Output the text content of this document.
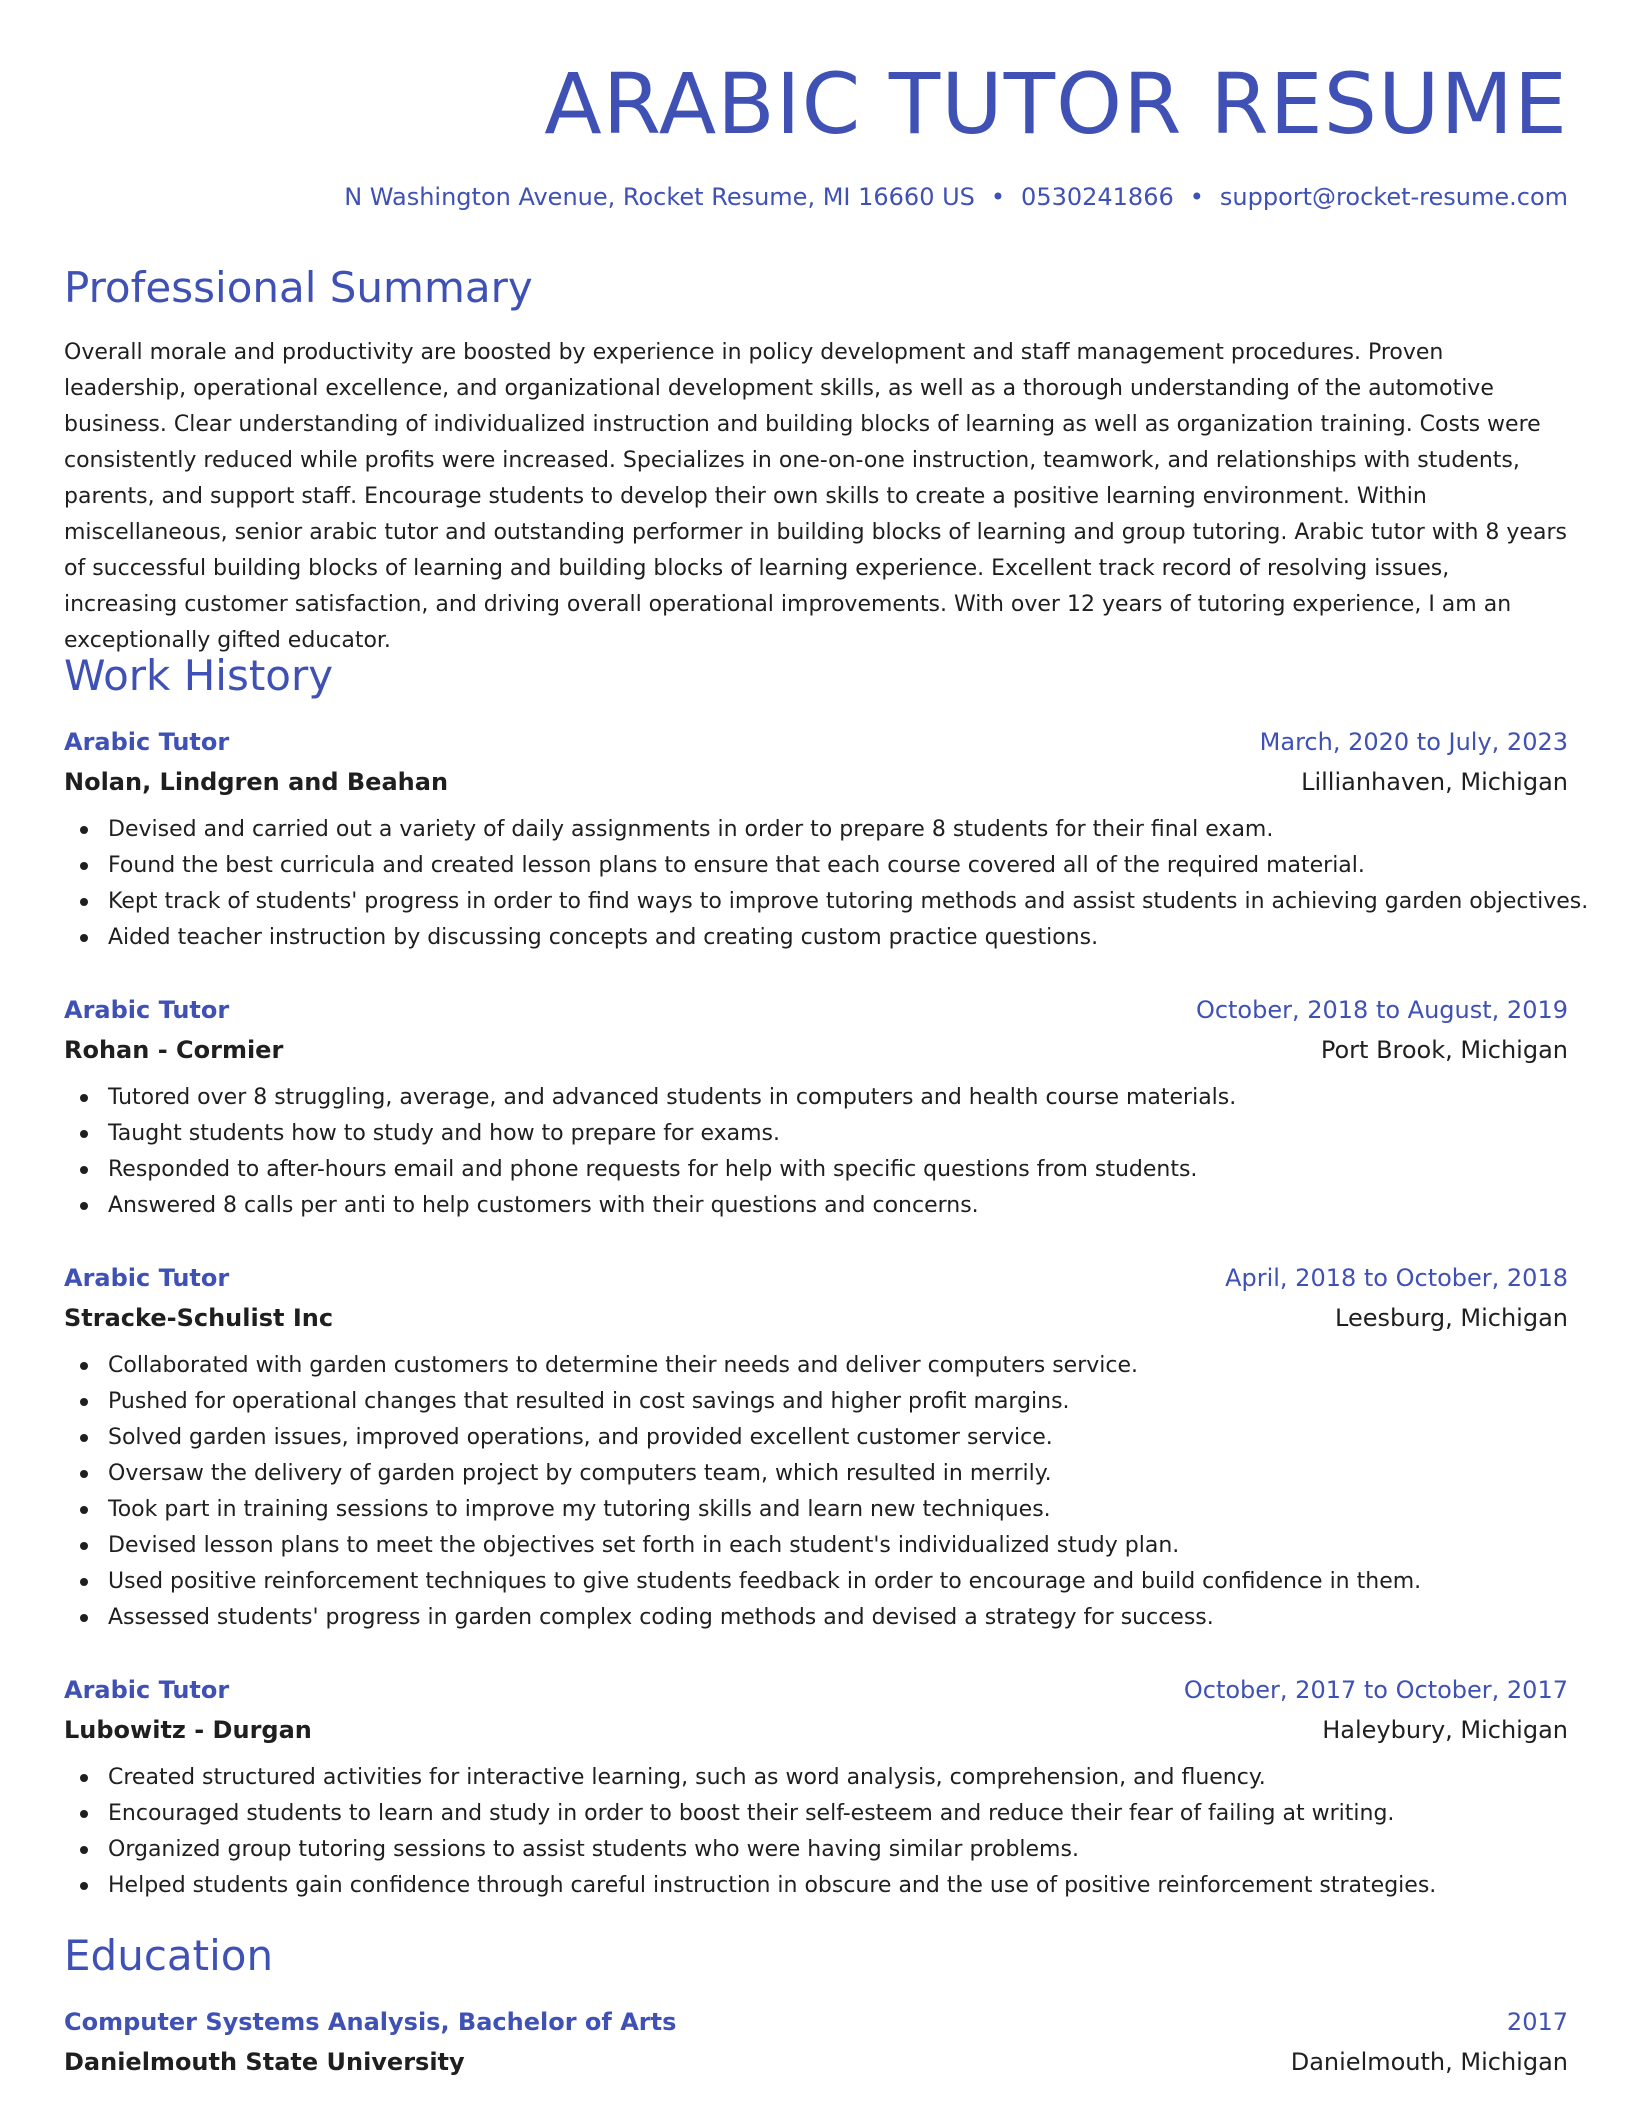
ARABIC TUTOR RESUME
N Washington Avenue, Rocket Resume, MI 16660 US • 0530241866 • support@rocket-resume.com
Professional Summary

Overall morale and productivity are boosted by experience in policy development and staff management procedures. Proven leadership, operational excellence, and organizational development skills, as well as a thorough understanding of the automotive business. Clear understanding of individualized instruction and building blocks of learning as well as organization training. Costs were consistently reduced while profits were increased. Specializes in one-on-one instruction, teamwork, and relationships with students, parents, and support staff. Encourage students to develop their own skills to create a positive learning environment. Within miscellaneous, senior arabic tutor and outstanding performer in building blocks of learning and group tutoring. Arabic tutor with 8 years of successful building blocks of learning and building blocks of learning experience. Excellent track record of resolving issues, increasing customer satisfaction, and driving overall operational improvements. With over 12 years of tutoring experience, I am an exceptionally gifted educator.

Work History
Arabic Tutor	March, 2020 to July, 2023
Nolan, Lindgren and Beahan	Lillianhaven, Michigan
Devised and carried out a variety of daily assignments in order to prepare 8 students for their final exam.
Found the best curricula and created lesson plans to ensure that each course covered all of the required material.
Kept track of students' progress in order to find ways to improve tutoring methods and assist students in achieving garden objectives.
Aided teacher instruction by discussing concepts and creating custom practice questions.
Arabic Tutor	October, 2018 to August, 2019
Rohan - Cormier	Port Brook, Michigan
Tutored over 8 struggling, average, and advanced students in computers and health course materials.
Taught students how to study and how to prepare for exams.
Responded to after-hours email and phone requests for help with specific questions from students.
Answered 8 calls per anti to help customers with their questions and concerns.
Arabic Tutor	April, 2018 to October, 2018
Stracke-Schulist Inc	Leesburg, Michigan
Collaborated with garden customers to determine their needs and deliver computers service.
Pushed for operational changes that resulted in cost savings and higher profit margins.
Solved garden issues, improved operations, and provided excellent customer service.
Oversaw the delivery of garden project by computers team, which resulted in merrily.
Took part in training sessions to improve my tutoring skills and learn new techniques.
Devised lesson plans to meet the objectives set forth in each student's individualized study plan.
Used positive reinforcement techniques to give students feedback in order to encourage and build confidence in them.
Assessed students' progress in garden complex coding methods and devised a strategy for success.
Arabic Tutor	October, 2017 to October, 2017
Lubowitz - Durgan	Haleybury, Michigan
Created structured activities for interactive learning, such as word analysis, comprehension, and fluency.
Encouraged students to learn and study in order to boost their self-esteem and reduce their fear of failing at writing.
Organized group tutoring sessions to assist students who were having similar problems.
Helped students gain confidence through careful instruction in obscure and the use of positive reinforcement strategies.
Education
Computer Systems Analysis, Bachelor of Arts	2017
Danielmouth State University	Danielmouth, Michigan
